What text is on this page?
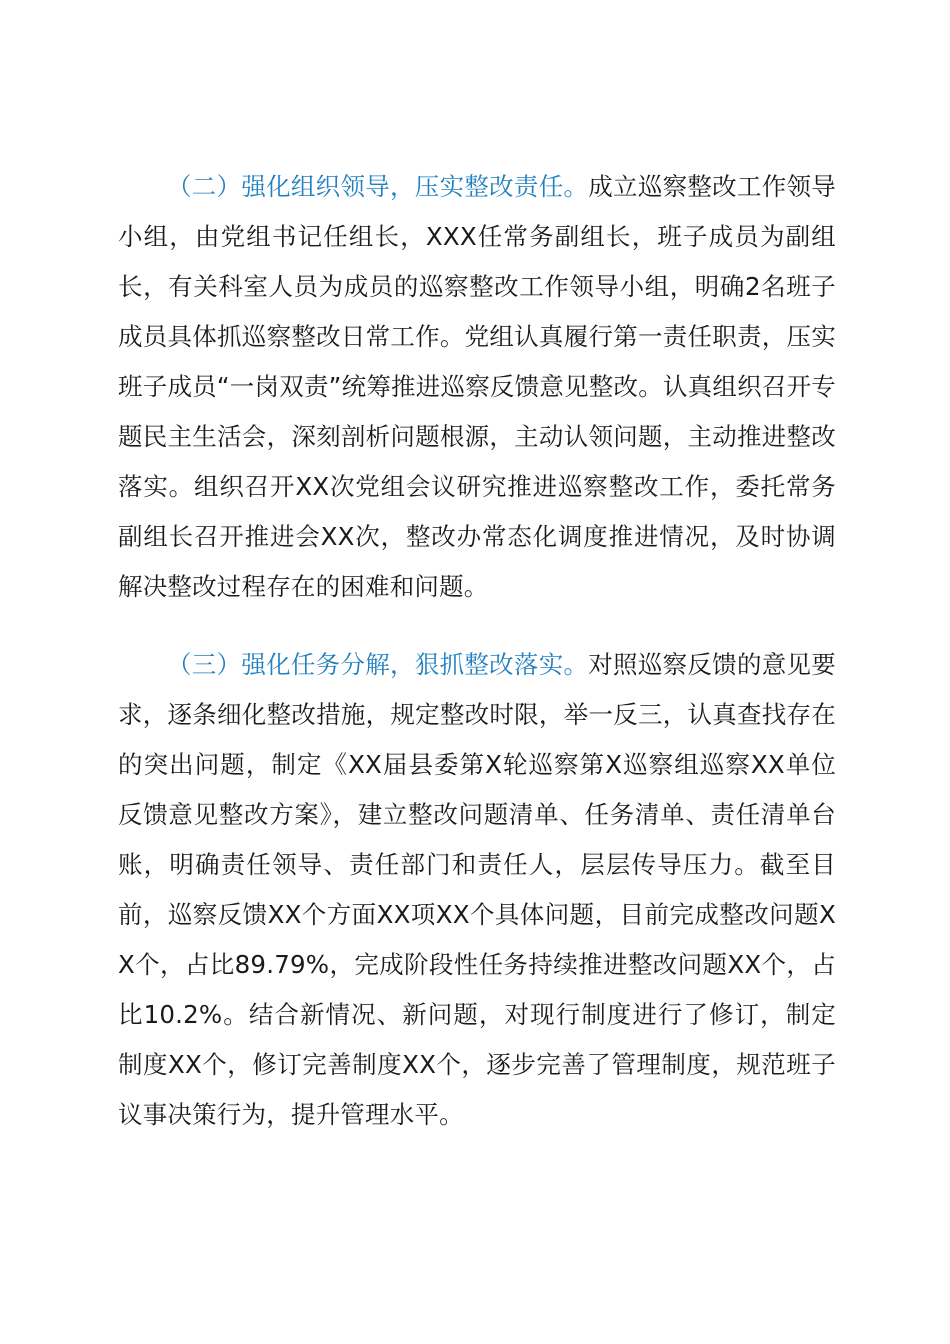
（二）强化组织领导，压实整改责任。成立巡察整改工作领导小组，由党组书记任组长，XXX任常务副组长，班子成员为副组长，有关科室人员为成员的巡察整改工作领导小组，明确2名班子成员具体抓巡察整改日常工作。党组认真履行第一责任职责，压实班子成员“一岗双责”统筹推进巡察反馈意见整改。认真组织召开专题民主生活会，深刻剖析问题根源，主动认领问题，主动推进整改落实。组织召开XX次党组会议研究推进巡察整改工作，委托常务副组长召开推进会XX次，整改办常态化调度推进情况，及时协调解决整改过程存在的困难和问题。

（三）强化任务分解，狠抓整改落实。对照巡察反馈的意见要求，逐条细化整改措施，规定整改时限，举一反三，认真查找存在的突出问题，制定《XX届县委第X轮巡察第X巡察组巡察XX单位反馈意见整改方案》，建立整改问题清单、任务清单、责任清单台账，明确责任领导、责任部门和责任人，层层传导压力。截至目前，巡察反馈XX个方面XX项XX个具体问题，目前完成整改问题XX个，占比89.79%，完成阶段性任务持续推进整改问题XX个，占比10.2%。结合新情况、新问题，对现行制度进行了修订，制定制度XX个，修订完善制度XX个，逐步完善了管理制度，规范班子议事决策行为，提升管理水平。
